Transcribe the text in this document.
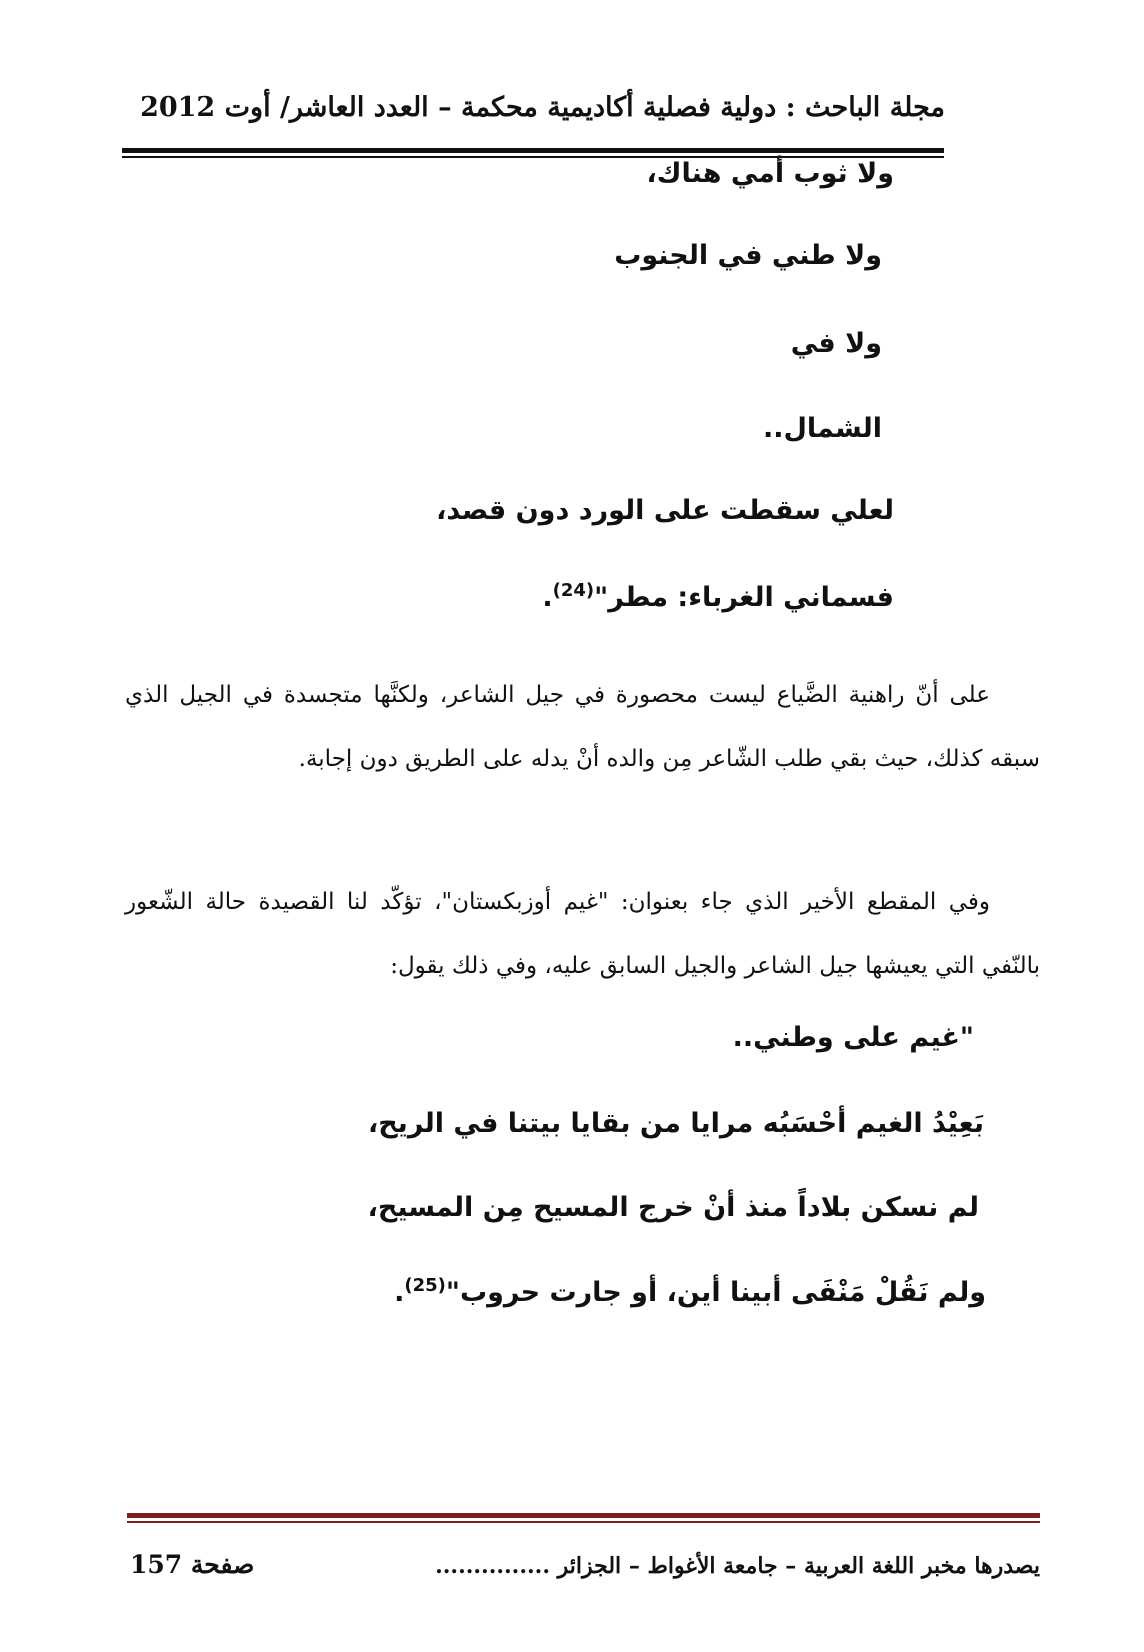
مجلة الباحث : دولية فصلية أكاديمية محكمة – العدد العاشر/ أوت 2012
ولا ثوب أمي هناك،
ولا طني في الجنوب
ولا في
الشمال..
لعلي سقطت على الورد دون قصد،
فسماني الغرباء: مطر"$^{(24)}$.

على أنّ راهنية الضَّياع ليست محصورة في جيل الشاعر، ولكنَّها متجسدة في الجيل الذي سبقه كذلك، حيث بقي طلب الشّاعر مِن والده أنْ يدله على الطريق دون إجابة.

وفي المقطع الأخير الذي جاء بعنوان: "غيم أوزبكستان"، تؤكّد لنا القصيدة حالة الشّعور بالنّفي التي يعيشها جيل الشاعر والجيل السابق عليه، وفي ذلك يقول:

"غيم على وطني..
بَعِيْدُ الغيم أحْسَبُه مرايا من بقايا بيتنا في الريح،
لم نسكن بلاداً منذ أنْ خرج المسيح مِن المسيح،
ولم نَقُلْ مَنْفَى أبينا أين، أو جارت حروب"$^{(25)}$.
يصدرها مخبر اللغة العربية – جامعة الأغواط – الجزائر ...............
صفحة 157
